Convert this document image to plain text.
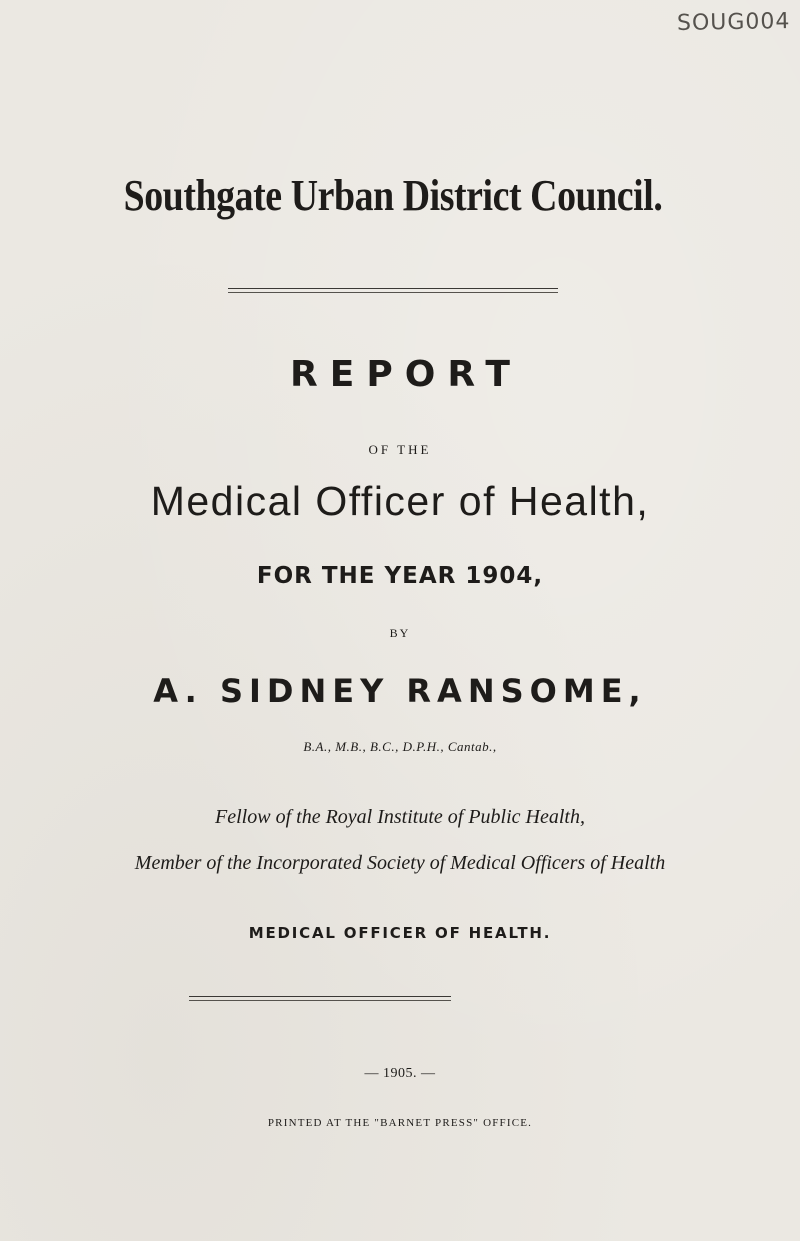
SOUG004
Southgate Urban District Council.
REPORT
OF THE
Medical Officer of Health,
FOR THE YEAR 1904,
BY
A. SIDNEY RANSOME,
B.A., M.B., B.C., D.P.H., Cantab.,
Fellow of the Royal Institute of Public Health,
Member of the Incorporated Society of Medical Officers of Health
MEDICAL OFFICER OF HEALTH.
— 1905. —
PRINTED AT THE "BARNET PRESS" OFFICE.
